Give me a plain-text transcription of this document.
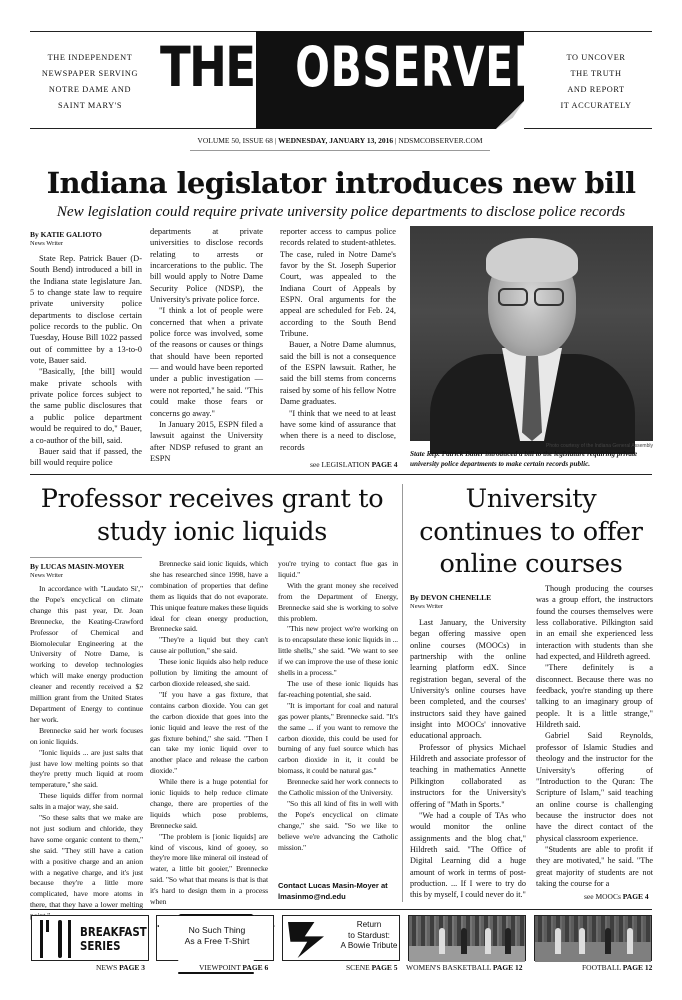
THE INDEPENDENT
NEWSPAPER SERVING
NOTRE DAME AND
SAINT MARY'S
TO UNCOVER
THE TRUTH
AND REPORT
IT ACCURATELY
THE OBSERVER
VOLUME 50, ISSUE 68 | WEDNESDAY, JANUARY 13, 2016 | NDSMCOBSERVER.COM
Indiana legislator introduces new bill
New legislation could require private university police departments to disclose police records
By KATIE GALIOTO
News Writer

State Rep. Patrick Bauer (D-South Bend) introduced a bill in the Indiana state legislature Jan. 5 to change state law to require private university police departments to disclose certain police records to the public. On Tuesday, House Bill 1022 passed out of committee by a 13-to-0 vote, Bauer said.

"Basically, [the bill] would make private schools with private police forces subject to the same public disclosures that a public police department would be required to do," Bauer, a co-author of the bill, said.

Bauer said that if passed, the bill would require police

departments at private universities to disclose records relating to arrests or incarcerations to the public. The bill would apply to Notre Dame Security Police (NDSP), the University's private police force.

"I think a lot of people were concerned that when a private police force was involved, some of the reasons or causes or things that should have been reported — and would have been reported under a public investigation — were not reported," he said. "This could make those fears or concerns go away."

In January 2015, ESPN filed a lawsuit against the University after NDSP refused to grant an ESPN

reporter access to campus police records related to student-athletes. The case, ruled in Notre Dame's favor by the St. Joseph Superior Court, was appealed to the Indiana Court of Appeals by ESPN. Oral arguments for the appeal are scheduled for Feb. 24, according to the South Bend Tribune.

Bauer, a Notre Dame alumnus, said the bill is not a consequence of the ESPN lawsuit. Rather, he said the bill stems from concerns raised by some of his fellow Notre Dame graduates.

"I think that we need to at least have some kind of assurance that when there is a need to disclose, records

see LEGISLATION PAGE 4
Photo courtesy of the Indiana General Assembly
State Rep. Patrick Bauer introduced a bill to the legislature requiring private university police departments to make certain records public.
Professor receives grant to study ionic liquids
By LUCAS MASIN-MOYER
News Writer

In accordance with "Laudato Si'," the Pope's encyclical on climate change this past year, Dr. Joan Brennecke, the Keating-Crawford Professor of Chemical and Biomolecular Engineering at the University of Notre Dame, is working to develop technologies which will make energy production cleaner and recently received a $2 million grant from the United States Department of Energy to continue her work.

Brennecke said her work focuses on ionic liquids.

"Ionic liquids ... are just salts that just have low melting points so that they're pretty much liquid at room temperature," she said.

These liquids differ from normal salts in a major way, she said.

"So these salts that we make are not just sodium and chloride, they have some organic content to them," she said. "They still have a cation with a positive charge and an anion with a negative charge, and it's just because they're a little more complicated, have more atoms in there, that they have a lower melting

Brennecke said ionic liquids, which she has researched since 1998, have a combination of properties that define them as liquids that do not evaporate. This unique feature makes these liquids ideal for clean energy production, Brennecke said.

"They're a liquid but they can't cause air pollution," she said.

These ionic liquids also help reduce pollution by limiting the amount of carbon dioxide released, she said.

"If you have a gas fixture, that contains carbon dioxide. You can get the carbon dioxide that goes into the ionic liquid and leave the rest of the gas fixture behind," she said. "Then I can take my ionic liquid over to another place and release the carbon dioxide."

While there is a huge potential for ionic liquids to help reduce climate change, there are properties of the liquids which pose problems, Brennecke said.

"The problem is [ionic liquids] are kind of viscous, kind of gooey, so they're more like mineral oil instead of water, a little bit gooier," Brennecke said. "So what that means is that is that it's hard to design them in a process when

you're trying to contact flue gas in liquid."

With the grant money she received from the Department of Energy, Brennecke said she is working to solve this problem.

"This new project we're working on is to encapsulate these ionic liquids in ... little shells," she said. "We want to see if we can improve the use of these ionic shells in a process."

The use of these ionic liquids has far-reaching potential, she said.

"It is important for coal and natural gas power plants," Brennecke said. "It's the same ... if you want to remove the carbon dioxide, this could be used for burning of any fuel source which has carbon dioxide in it, it could be biomass, it could be natural gas."

Brennecke said her work connects to the Catholic mission of the University.

"So this all kind of fits in well with the Pope's encyclical on climate change," she said. "So we like to believe we're advancing the Catholic mission."

Contact Lucas Masin-Moyer at
lmasinmo@nd.edu
University continues to offer online courses
By DEVON CHENELLE
News Writer

Last January, the University began offering massive open online courses (MOOCs) in partnership with the online learning platform edX. Since registration began, several of the University's online courses have been completed, and the courses' instructors said they have gained insight into MOOCs' innovative educational approach.

Professor of physics Michael Hildreth and associate professor of teaching in mathematics Annette Pilkington collaborated as instructors for the University's offering of "Math in Sports."

"We had a couple of TAs who would monitor the online assignments and the blog chat," Hildreth said. "The Office of Digital Learning did a huge amount of work in terms of post-production. ... If I were to try do this by myself, I could never do it."

Though producing the courses was a group effort, the instructors found the courses themselves were less collaborative. Pilkington said in an email she experienced less interaction with students than she had expected, and Hildreth agreed.

"There definitely is a disconnect. Because there was no feedback, you're standing up there talking to an imaginary group of people. It is a little strange," Hildreth said.

Gabriel Said Reynolds, professor of Islamic Studies and theology and the instructor for the University's offering of "Introduction to the Quran: The Scripture of Islam," said teaching an online course is challenging because the instructor does not have the direct contact of the physical classroom experience.

"Students are able to profit if they are motivated," he said. "The great majority of students are not taking the course for a

see MOOCs PAGE 4
BREAKFAST
SERIES
NEWS PAGE 3
No Such Thing
As a Free T-Shirt
VIEWPOINT PAGE 6
Return
to Stardust:
A Bowie Tribute
SCENE PAGE 5 WOMEN'S BASKETBALL PAGE 12	FOOTBALL PAGE 12
